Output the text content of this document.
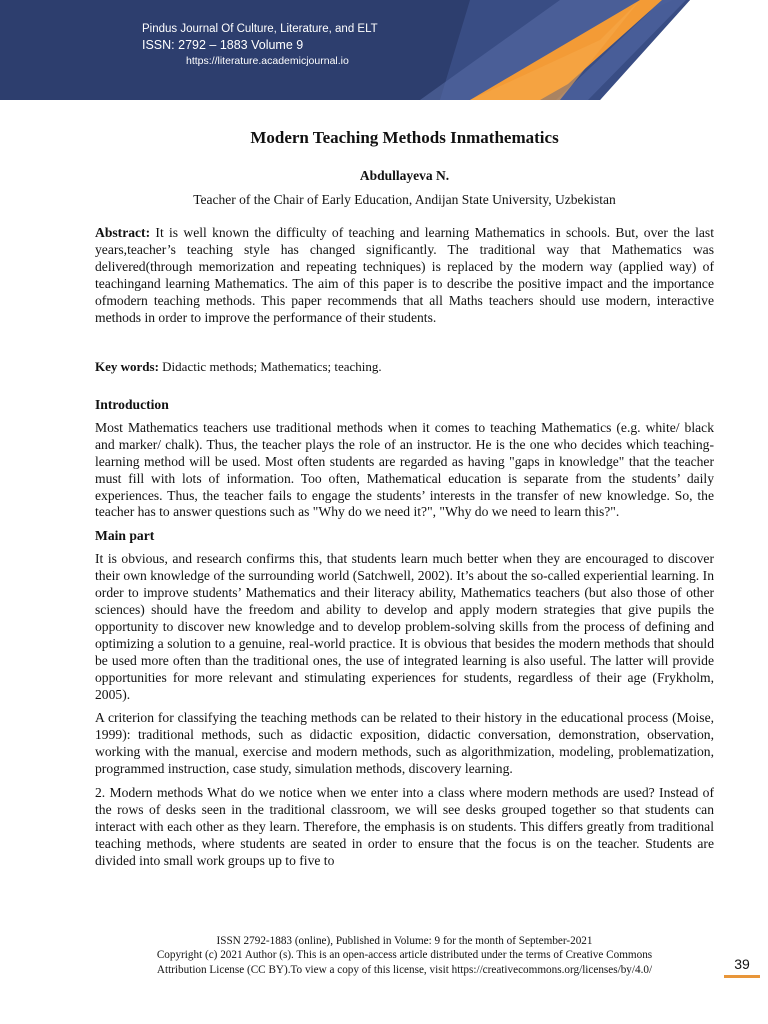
Pindus Journal Of Culture, Literature, and ELT
ISSN: 2792 – 1883 Volume 9
https://literature.academicjournal.io
Modern Teaching Methods Inmathematics
Abdullayeva N.
Teacher of the Chair of Early Education, Andijan State University, Uzbekistan

Abstract: It is well known the difficulty of teaching and learning Mathematics in schools. But, over the last years,teacher’s teaching style has changed significantly. The traditional way that Mathematics was delivered(through memorization and repeating techniques) is replaced by the modern way (applied way) of teachingand learning Mathematics. The aim of this paper is to describe the positive impact and the importance ofmodern teaching methods. This paper recommends that all Maths teachers should use modern, interactive methods in order to improve the performance of their students.

Key words: Didactic methods; Mathematics; teaching.

Introduction

Most Mathematics teachers use traditional methods when it comes to teaching Mathematics (e.g. white/ black and marker/ chalk). Thus, the teacher plays the role of an instructor. He is the one who decides which teaching-learning method will be used. Most often students are regarded as having "gaps in knowledge" that the teacher must fill with lots of information. Too often, Mathematical education is separate from the students’ daily experiences. Thus, the teacher fails to engage the students’ interests in the transfer of new knowledge. So, the teacher has to answer questions such as "Why do we need it?", "Why do we need to learn this?".

Main part

It is obvious, and research confirms this, that students learn much better when they are encouraged to discover their own knowledge of the surrounding world (Satchwell, 2002). It’s about the so-called experiential learning. In order to improve students’ Mathematics and their literacy ability, Mathematics teachers (but also those of other sciences) should have the freedom and ability to develop and apply modern strategies that give pupils the opportunity to discover new knowledge and to develop problem-solving skills from the process of defining and optimizing a solution to a genuine, real-world practice. It is obvious that besides the modern methods that should be used more often than the traditional ones, the use of integrated learning is also useful. The latter will provide opportunities for more relevant and stimulating experiences for students, regardless of their age (Frykholm, 2005).

A criterion for classifying the teaching methods can be related to their history in the educational process (Moise, 1999): traditional methods, such as didactic exposition, didactic conversation, demonstration, observation, working with the manual, exercise and modern methods, such as algorithmization, modeling, problematization, programmed instruction, case study, simulation methods, discovery learning.

2. Modern methods What do we notice when we enter into a class where modern methods are used? Instead of the rows of desks seen in the traditional classroom, we will see desks grouped together so that students can interact with each other as they learn. Therefore, the emphasis is on students. This differs greatly from traditional teaching methods, where students are seated in order to ensure that the focus is on the teacher. Students are divided into small work groups up to five to

ISSN 2792-1883 (online), Published in Volume: 9 for the month of September-2021
Copyright (c) 2021 Author (s). This is an open-access article distributed under the terms of Creative Commons
Attribution License (CC BY).To view a copy of this license, visit https://creativecommons.org/licenses/by/4.0/	39
